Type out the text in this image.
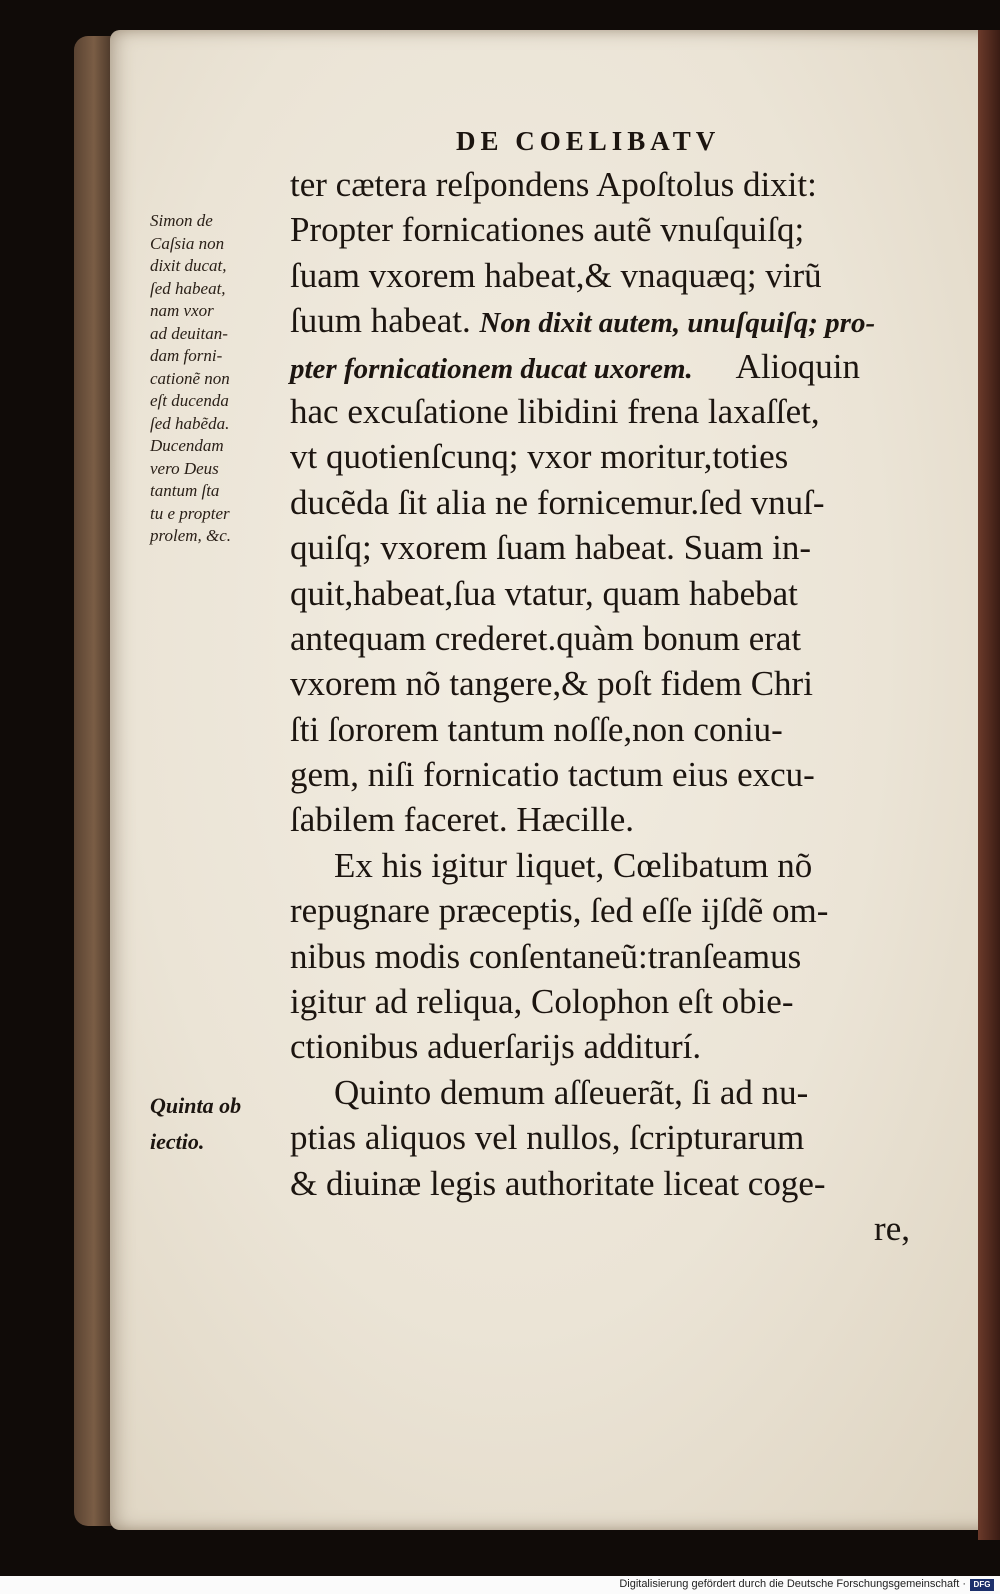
DE COELIBATV
ter cætera reſpondens Apoſtolus dixit:
Propter fornicationes autẽ vnuſquiſq;
ſuam vxorem habeat,& vnaquæq; virũ
ſuum habeat. Non dixit autem, unuſquiſq; pro-
pter fornicationem ducat uxorem. Alioquin
hac excuſatione libidini frena laxaſſet,
vt quotienſcunq; vxor moritur,toties
ducẽda ſit alia ne fornicemur.ſed vnuſ-
quiſq; vxorem ſuam habeat. Suam in-
quit,habeat,ſua vtatur, quam habebat
antequam crederet.quàm bonum erat
vxorem nõ tangere,& poſt fidem Chri
ſti ſororem tantum noſſe,non coniu-
gem, niſi fornicatio tactum eius excu-
ſabilem faceret. Hæcille.
Ex his igitur liquet, Cœlibatum nõ
repugnare præceptis, ſed eſſe ijſdẽ om-
nibus modis conſentaneũ:tranſeamus
igitur ad reliqua, Colophon eſt obie-
ctionibus aduerſarijs additurí.
Quinto demum aſſeuerãt, ſi ad nu-
ptias aliquos vel nullos, ſcripturarum
& diuinæ legis authoritate liceat coge-
re,
Simon de
Caſsia non
dixit ducat,
ſed habeat,
nam vxor
ad deuitan-
dam forni-
cationẽ non
eſt ducenda
ſed habẽda.
Ducendam
vero Deus
tantum ſta
tu e propter
prolem, &c.
Quinta ob
iectio.
Digitalisierung gefördert durch die Deutsche Forschungsgemeinschaft · DFG
